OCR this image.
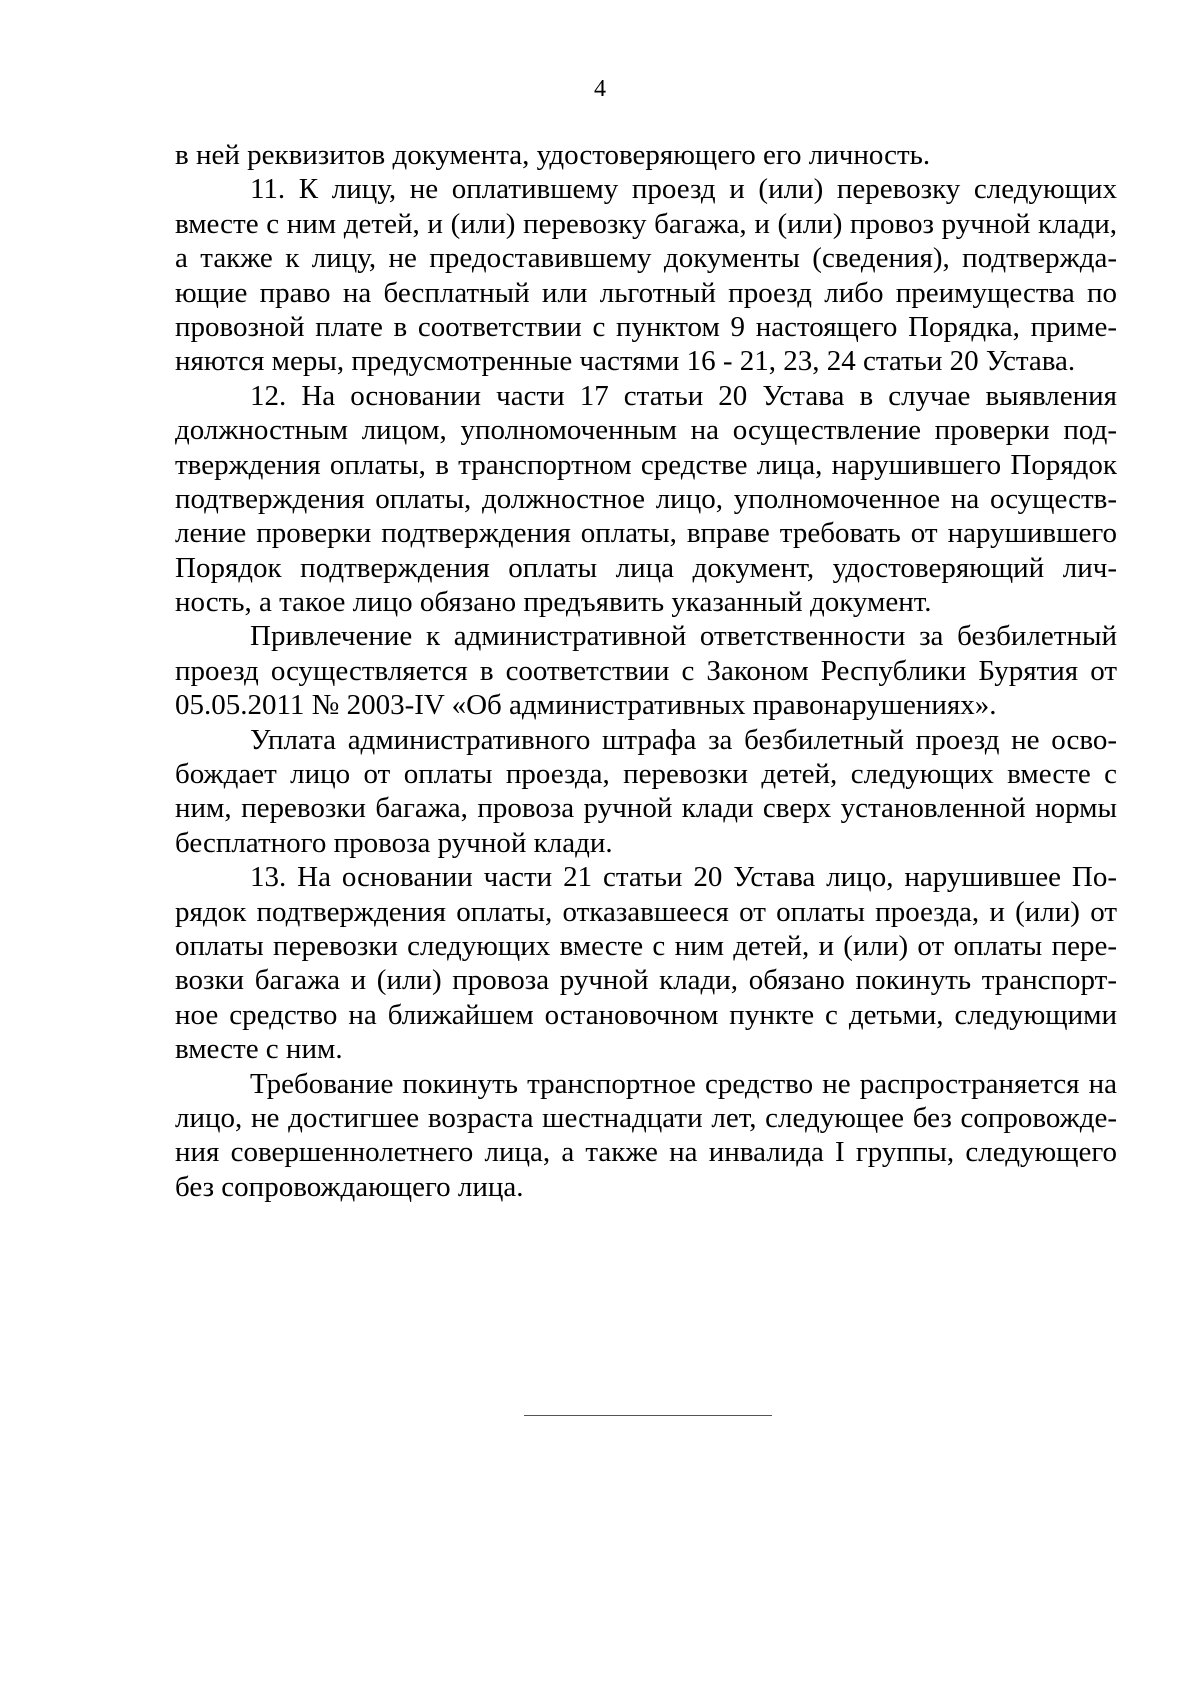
4
в ней реквизитов документа, удостоверяющего его личность.
11. К лицу, не оплатившему проезд и (или) перевозку следующих
вместе с ним детей, и (или) перевозку багажа, и (или) провоз ручной клади,
а также к лицу, не предоставившему документы (сведения), подтвержда-
ющие право на бесплатный или льготный проезд либо преимущества по
провозной плате в соответствии с пунктом 9 настоящего Порядка, приме-
няются меры, предусмотренные частями 16 - 21, 23, 24 статьи 20 Устава.
12. На основании части 17 статьи 20 Устава в случае выявления
должностным лицом, уполномоченным на осуществление проверки под-
тверждения оплаты, в транспортном средстве лица, нарушившего Порядок
подтверждения оплаты, должностное лицо, уполномоченное на осуществ-
ление проверки подтверждения оплаты, вправе требовать от нарушившего
Порядок подтверждения оплаты лица документ, удостоверяющий лич-
ность, а такое лицо обязано предъявить указанный документ.
Привлечение к административной ответственности за безбилетный
проезд осуществляется в соответствии с Законом Республики Бурятия от
05.05.2011 № 2003-IV «Об административных правонарушениях».
Уплата административного штрафа за безбилетный проезд не осво-
бождает лицо от оплаты проезда, перевозки детей, следующих вместе с
ним, перевозки багажа, провоза ручной клади сверх установленной нормы
бесплатного провоза ручной клади.
13. На основании части 21 статьи 20 Устава лицо, нарушившее По-
рядок подтверждения оплаты, отказавшееся от оплаты проезда, и (или) от
оплаты перевозки следующих вместе с ним детей, и (или) от оплаты пере-
возки багажа и (или) провоза ручной клади, обязано покинуть транспорт-
ное средство на ближайшем остановочном пункте с детьми, следующими
вместе с ним.
Требование покинуть транспортное средство не распространяется на
лицо, не достигшее возраста шестнадцати лет, следующее без сопровожде-
ния совершеннолетнего лица, а также на инвалида I группы, следующего
без сопровождающего лица.
